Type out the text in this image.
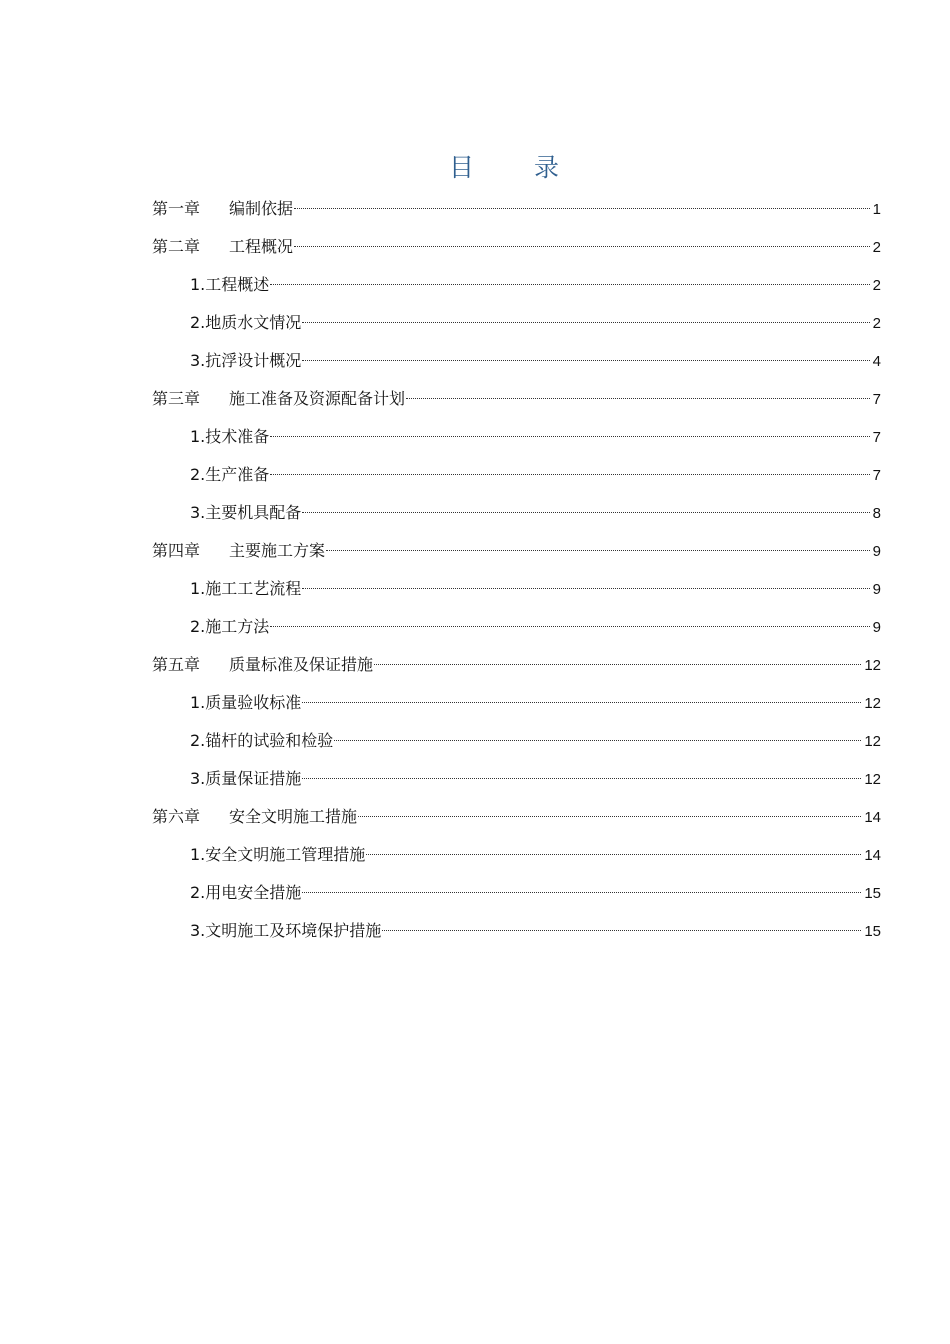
目 录
第一章	编制依据	1
第二章	工程概况	2
1.工程概述	2
2.地质水文情况	2
3.抗浮设计概况	4
第三章	施工准备及资源配备计划	7
1.技术准备	7
2.生产准备	7
3.主要机具配备	8
第四章	主要施工方案	9
1.施工工艺流程	9
2.施工方法	9
第五章	质量标准及保证措施	12
1.质量验收标准	12
2.锚杆的试验和检验	12
3.质量保证措施	12
第六章	安全文明施工措施	14
1.安全文明施工管理措施	14
2.用电安全措施	15
3.文明施工及环境保护措施	15
